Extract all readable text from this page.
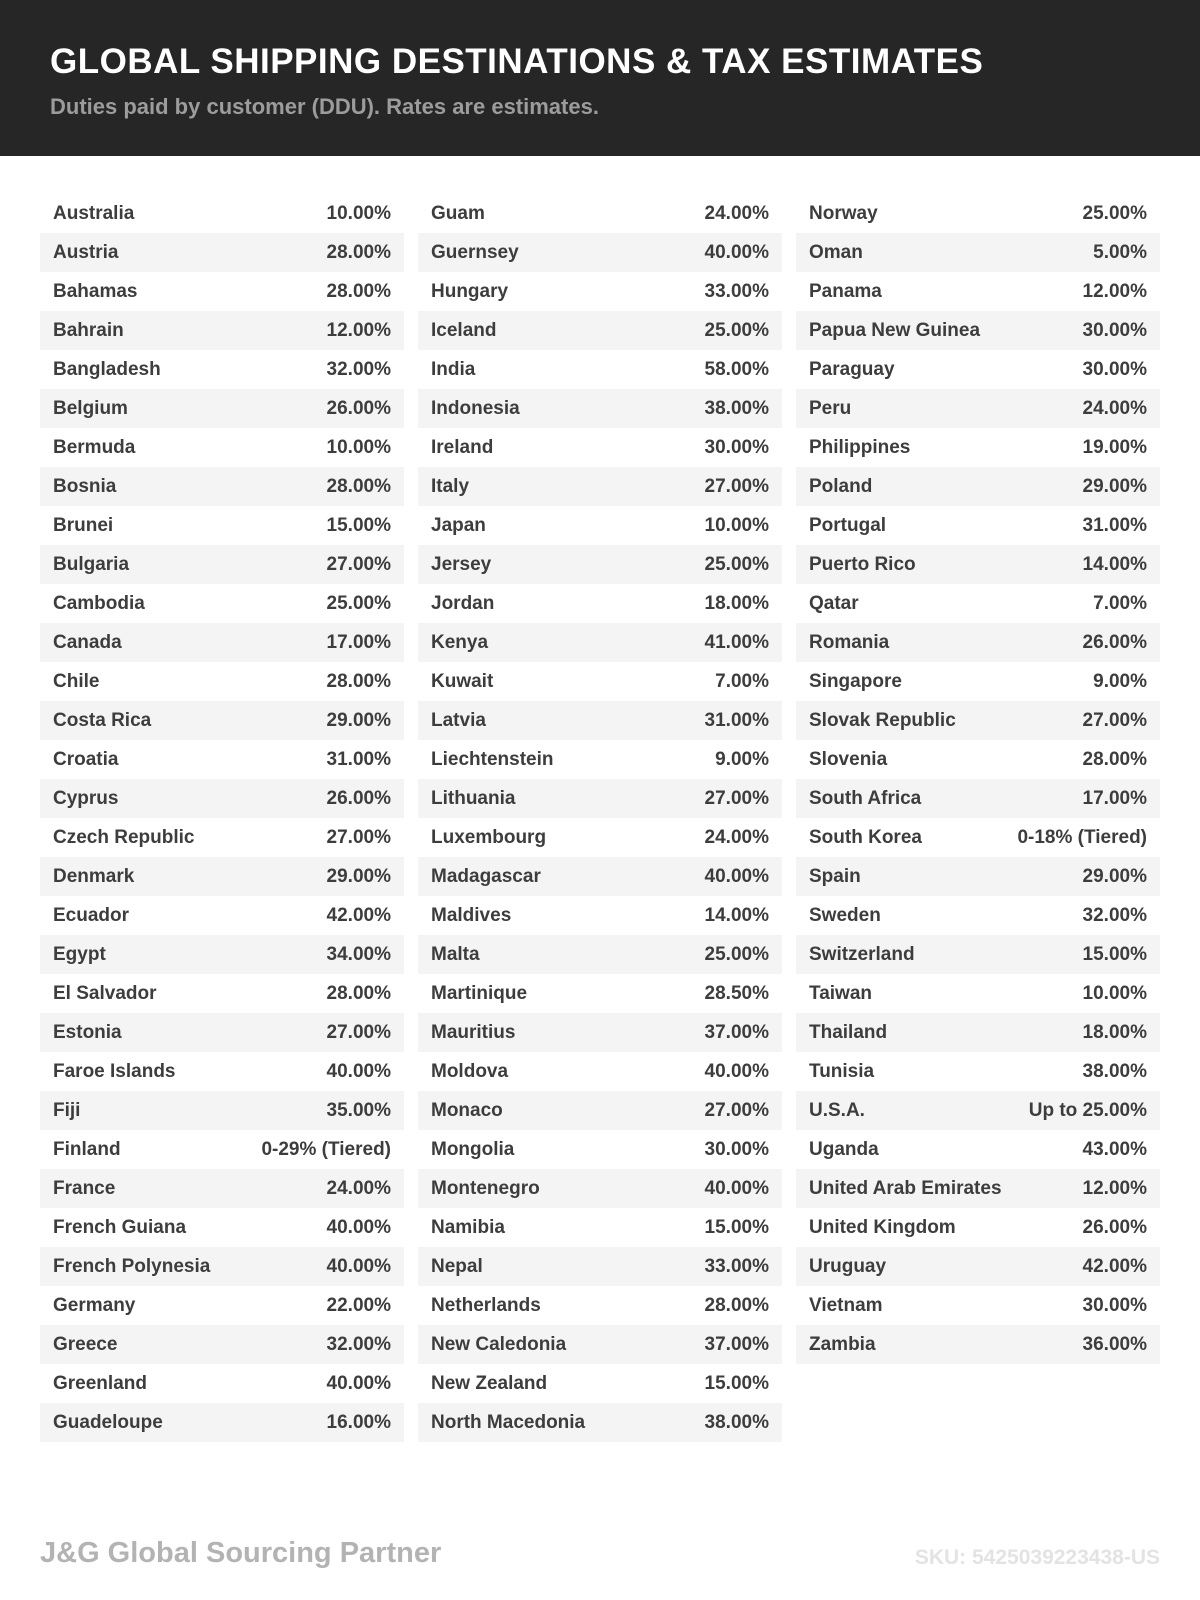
GLOBAL SHIPPING DESTINATIONS & TAX ESTIMATES
Duties paid by customer (DDU). Rates are estimates.
Australia	10.00%
Austria	28.00%
Bahamas	28.00%
Bahrain	12.00%
Bangladesh	32.00%
Belgium	26.00%
Bermuda	10.00%
Bosnia	28.00%
Brunei	15.00%
Bulgaria	27.00%
Cambodia	25.00%
Canada	17.00%
Chile	28.00%
Costa Rica	29.00%
Croatia	31.00%
Cyprus	26.00%
Czech Republic	27.00%
Denmark	29.00%
Ecuador	42.00%
Egypt	34.00%
El Salvador	28.00%
Estonia	27.00%
Faroe Islands	40.00%
Fiji	35.00%
Finland	0-29% (Tiered)
France	24.00%
French Guiana	40.00%
French Polynesia	40.00%
Germany	22.00%
Greece	32.00%
Greenland	40.00%
Guadeloupe	16.00%
Guam	24.00%
Guernsey	40.00%
Hungary	33.00%
Iceland	25.00%
India	58.00%
Indonesia	38.00%
Ireland	30.00%
Italy	27.00%
Japan	10.00%
Jersey	25.00%
Jordan	18.00%
Kenya	41.00%
Kuwait	7.00%
Latvia	31.00%
Liechtenstein	9.00%
Lithuania	27.00%
Luxembourg	24.00%
Madagascar	40.00%
Maldives	14.00%
Malta	25.00%
Martinique	28.50%
Mauritius	37.00%
Moldova	40.00%
Monaco	27.00%
Mongolia	30.00%
Montenegro	40.00%
Namibia	15.00%
Nepal	33.00%
Netherlands	28.00%
New Caledonia	37.00%
New Zealand	15.00%
North Macedonia	38.00%
Norway	25.00%
Oman	5.00%
Panama	12.00%
Papua New Guinea	30.00%
Paraguay	30.00%
Peru	24.00%
Philippines	19.00%
Poland	29.00%
Portugal	31.00%
Puerto Rico	14.00%
Qatar	7.00%
Romania	26.00%
Singapore	9.00%
Slovak Republic	27.00%
Slovenia	28.00%
South Africa	17.00%
South Korea	0-18% (Tiered)
Spain	29.00%
Sweden	32.00%
Switzerland	15.00%
Taiwan	10.00%
Thailand	18.00%
Tunisia	38.00%
U.S.A.	Up to 25.00%
Uganda	43.00%
United Arab Emirates	12.00%
United Kingdom	26.00%
Uruguay	42.00%
Vietnam	30.00%
Zambia	36.00%
J&G Global Sourcing Partner	SKU: 5425039223438-US
